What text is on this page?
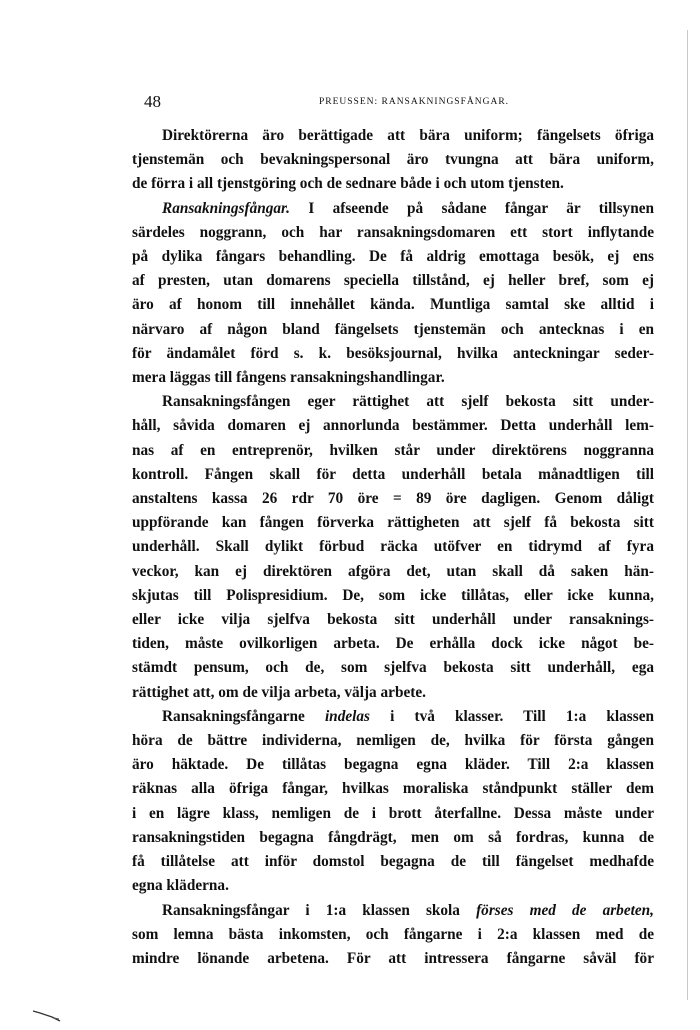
48	PREUSSEN: RANSAKNINGSFÅNGAR.
Direktörerna äro berättigade att bära uniform; fängelsets öfriga
tjenstemän och bevakningspersonal äro tvungna att bära uniform,
de förra i all tjenstgöring och de sednare både i och utom tjensten.
Ransakningsfångar. I afseende på sådane fångar är tillsynen
särdeles noggrann, och har ransakningsdomaren ett stort inflytande
på dylika fångars behandling. De få aldrig emottaga besök, ej ens
af presten, utan domarens speciella tillstånd, ej heller bref, som ej
äro af honom till innehållet kända. Muntliga samtal ske alltid i
närvaro af någon bland fängelsets tjenstemän och antecknas i en
för ändamålet förd s. k. besöksjournal, hvilka anteckningar seder-
mera läggas till fångens ransakningshandlingar.
Ransakningsfången eger rättighet att sjelf bekosta sitt under-
håll, såvida domaren ej annorlunda bestämmer. Detta underhåll lem-
nas af en entreprenör, hvilken står under direktörens noggranna
kontroll. Fången skall för detta underhåll betala månadtligen till
anstaltens kassa 26 rdr 70 öre = 89 öre dagligen. Genom dåligt
uppförande kan fången förverka rättigheten att sjelf få bekosta sitt
underhåll. Skall dylikt förbud räcka utöfver en tidrymd af fyra
veckor, kan ej direktören afgöra det, utan skall då saken hän-
skjutas till Polispresidium. De, som icke tillåtas, eller icke kunna,
eller icke vilja sjelfva bekosta sitt underhåll under ransaknings-
tiden, måste ovilkorligen arbeta. De erhålla dock icke något be-
stämdt pensum, och de, som sjelfva bekosta sitt underhåll, ega
rättighet att, om de vilja arbeta, välja arbete.
Ransakningsfångarne indelas i två klasser. Till 1:a klassen
höra de bättre individerna, nemligen de, hvilka för första gången
äro häktade. De tillåtas begagna egna kläder. Till 2:a klassen
räknas alla öfriga fångar, hvilkas moraliska ståndpunkt ställer dem
i en lägre klass, nemligen de i brott återfallne. Dessa måste under
ransakningstiden begagna fångdrägt, men om så fordras, kunna de
få tillåtelse att inför domstol begagna de till fängelset medhafde
egna kläderna.
Ransakningsfångar i 1:a klassen skola förses med de arbeten,
som lemna bästa inkomsten, och fångarne i 2:a klassen med de
mindre lönande arbetena. För att intressera fångarne såväl för
